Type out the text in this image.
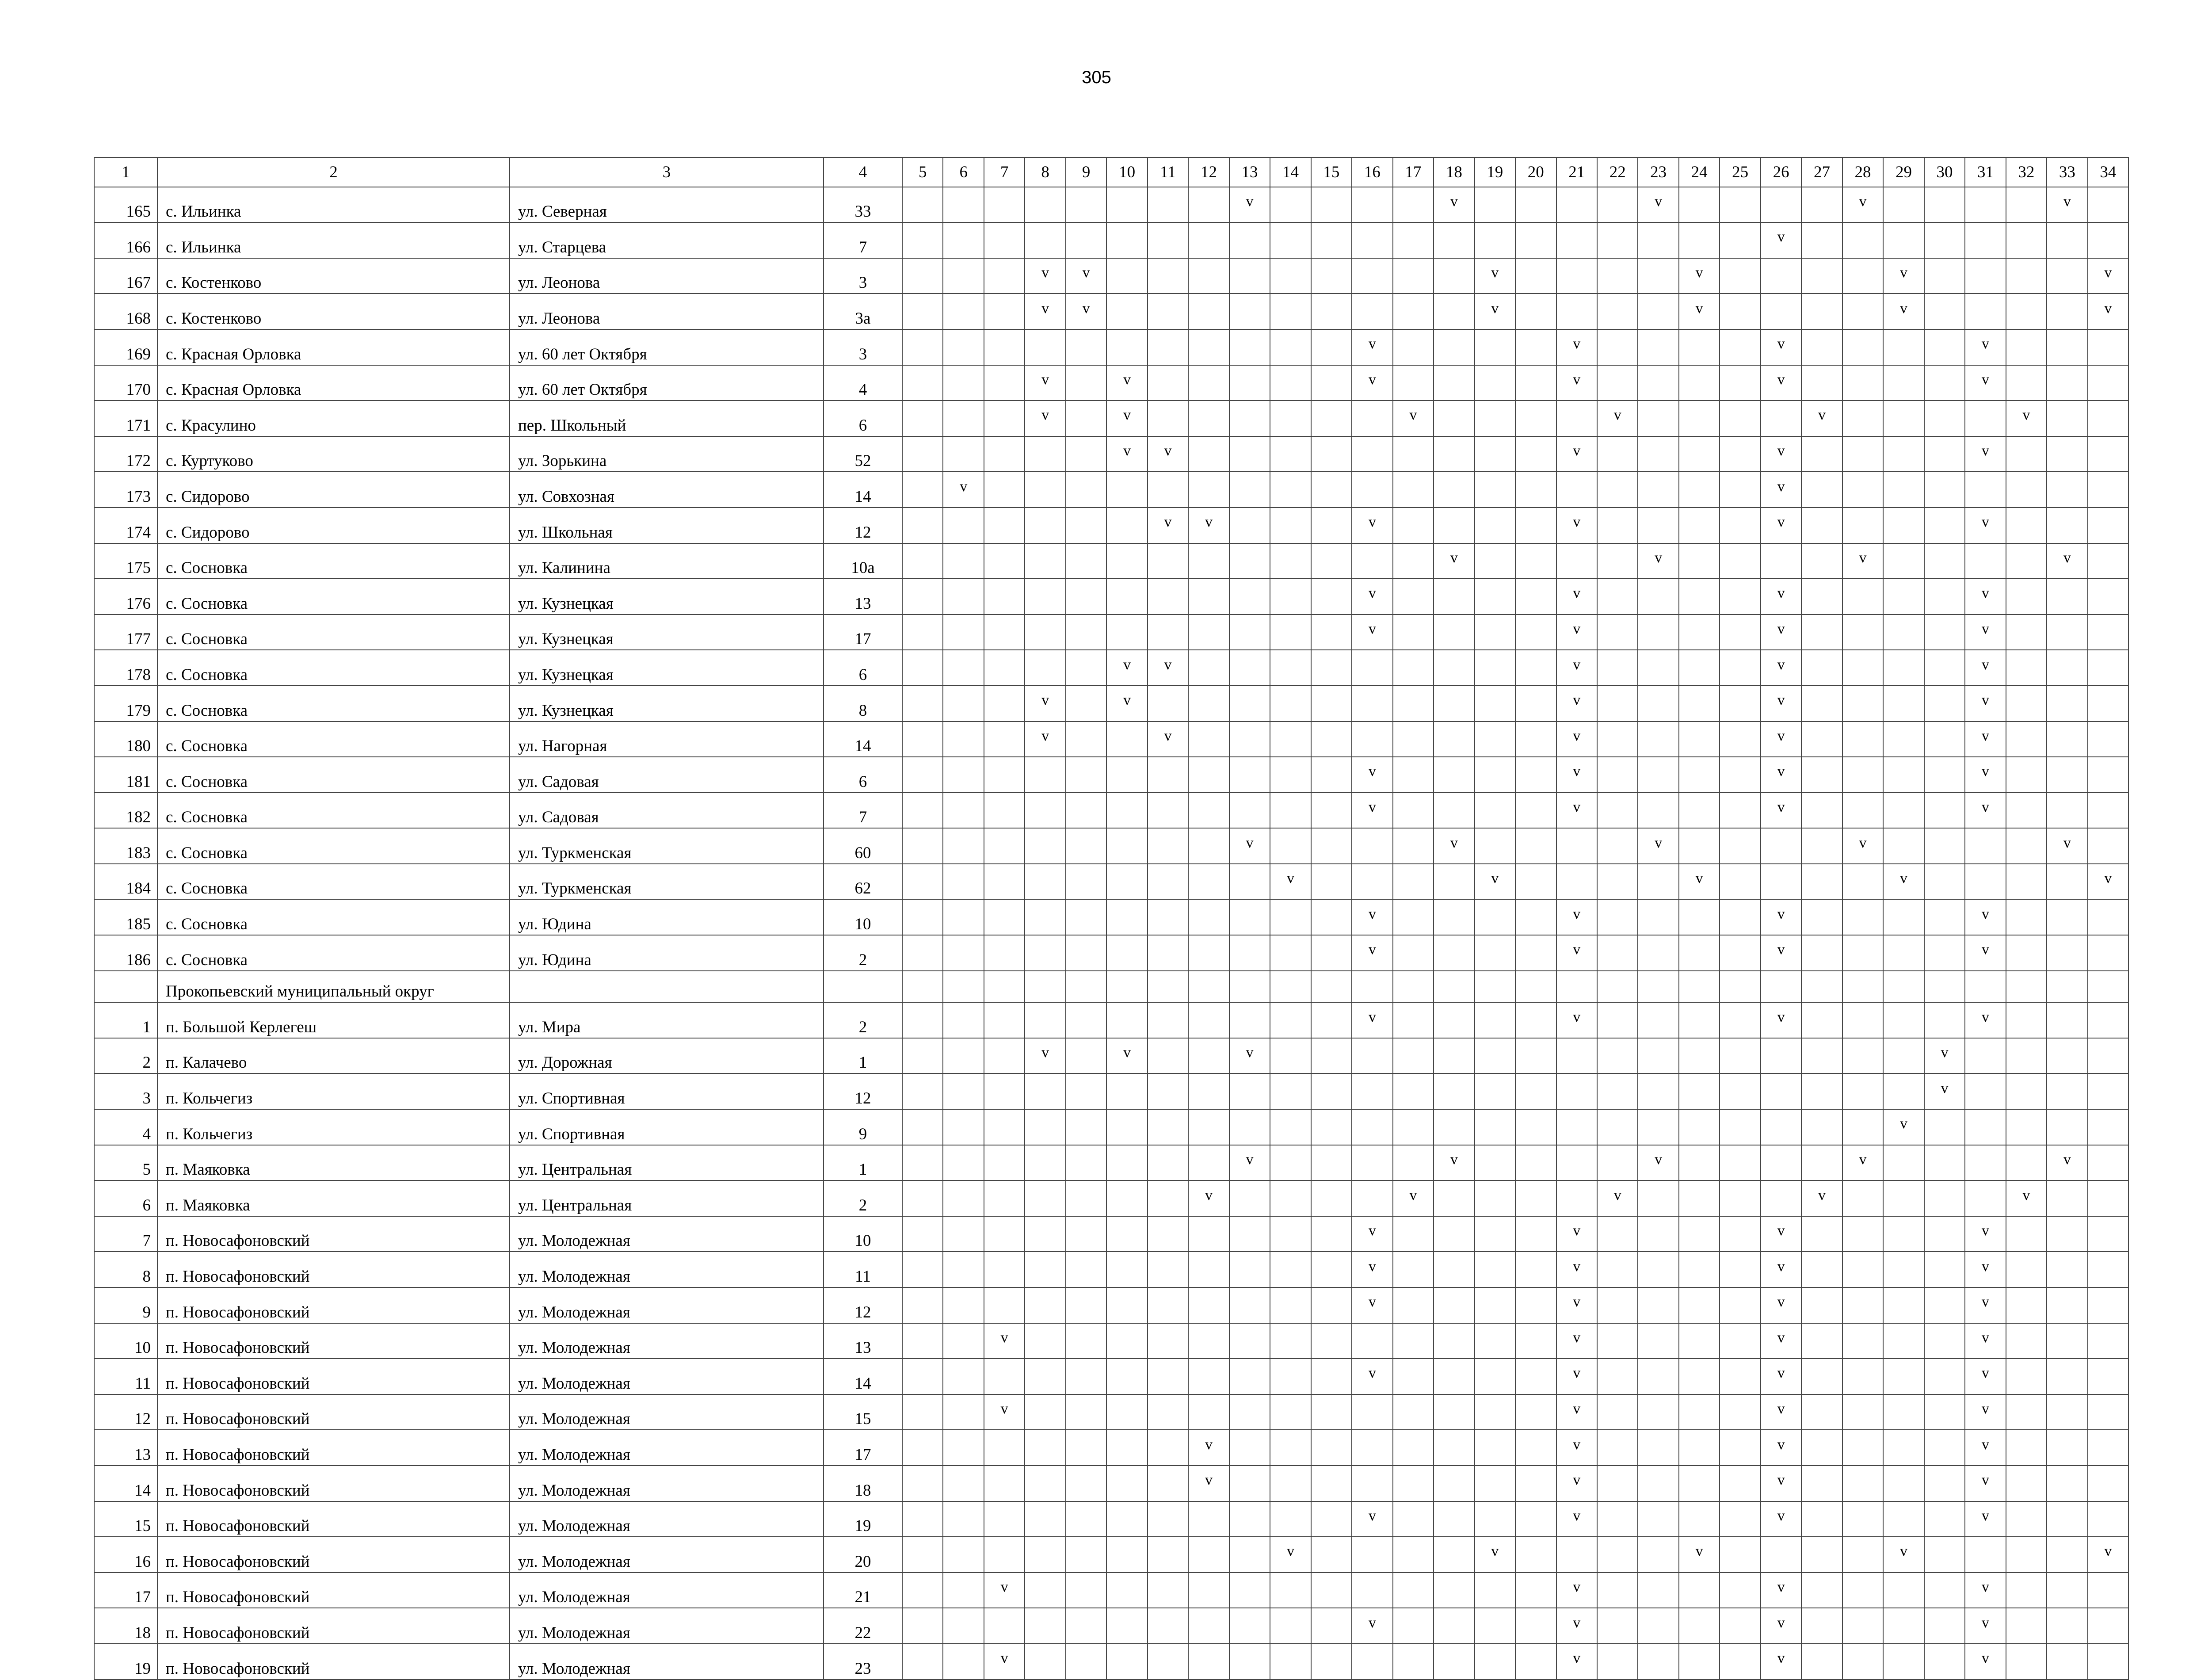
305
1	2	3	4	5	6	7	8	9	10	11	12	13	14	15	16	17	18	19	20	21	22	23	24	25	26	27	28	29	30	31	32	33	34
165	с. Ильинка	ул. Северная	33									v					v					v					v					v	
166	с. Ильинка	ул. Старцева	7																						v								
167	с. Костенково	ул. Леонова	3				v	v										v					v					v					v
168	с. Костенково	ул. Леонова	3а				v	v										v					v					v					v
169	с. Красная Орловка	ул. 60 лет Октября	3												v					v					v					v			
170	с. Красная Орловка	ул. 60 лет Октября	4				v		v						v					v					v					v			
171	с. Красулино	пер. Школьный	6				v		v							v					v					v					v		
172	с. Куртуково	ул. Зорькина	52						v	v										v					v					v			
173	с. Сидорово	ул. Совхозная	14		v																				v								
174	с. Сидорово	ул. Школьная	12							v	v				v					v					v					v			
175	с. Сосновка	ул. Калинина	10а														v					v					v					v	
176	с. Сосновка	ул. Кузнецкая	13												v					v					v					v			
177	с. Сосновка	ул. Кузнецкая	17												v					v					v					v			
178	с. Сосновка	ул. Кузнецкая	6						v	v										v					v					v			
179	с. Сосновка	ул. Кузнецкая	8				v		v											v					v					v			
180	с. Сосновка	ул. Нагорная	14				v			v										v					v					v			
181	с. Сосновка	ул. Садовая	6												v					v					v					v			
182	с. Сосновка	ул. Садовая	7												v					v					v					v			
183	с. Сосновка	ул. Туркменская	60									v					v					v					v					v	
184	с. Сосновка	ул. Туркменская	62										v					v					v					v					v
185	с. Сосновка	ул. Юдина	10												v					v					v					v			
186	с. Сосновка	ул. Юдина	2												v					v					v					v			
	Прокопьевский муниципальный округ																																
1	п. Большой Керлегеш	ул. Мира	2												v					v					v					v			
2	п. Калачево	ул. Дорожная	1				v		v			v																	v				
3	п. Кольчегиз	ул. Спортивная	12																										v				
4	п. Кольчегиз	ул. Спортивная	9																									v					
5	п. Маяковка	ул. Центральная	1									v					v					v					v					v	
6	п. Маяковка	ул. Центральная	2								v					v					v					v					v		
7	п. Новосафоновский	ул. Молодежная	10												v					v					v					v			
8	п. Новосафоновский	ул. Молодежная	11												v					v					v					v			
9	п. Новосафоновский	ул. Молодежная	12												v					v					v					v			
10	п. Новосафоновский	ул. Молодежная	13			v														v					v					v			
11	п. Новосафоновский	ул. Молодежная	14												v					v					v					v			
12	п. Новосафоновский	ул. Молодежная	15			v														v					v					v			
13	п. Новосафоновский	ул. Молодежная	17								v									v					v					v			
14	п. Новосафоновский	ул. Молодежная	18								v									v					v					v			
15	п. Новосафоновский	ул. Молодежная	19												v					v					v					v			
16	п. Новосафоновский	ул. Молодежная	20										v					v					v					v					v
17	п. Новосафоновский	ул. Молодежная	21			v														v					v					v			
18	п. Новосафоновский	ул. Молодежная	22												v					v					v					v			
19	п. Новосафоновский	ул. Молодежная	23			v														v					v					v			
